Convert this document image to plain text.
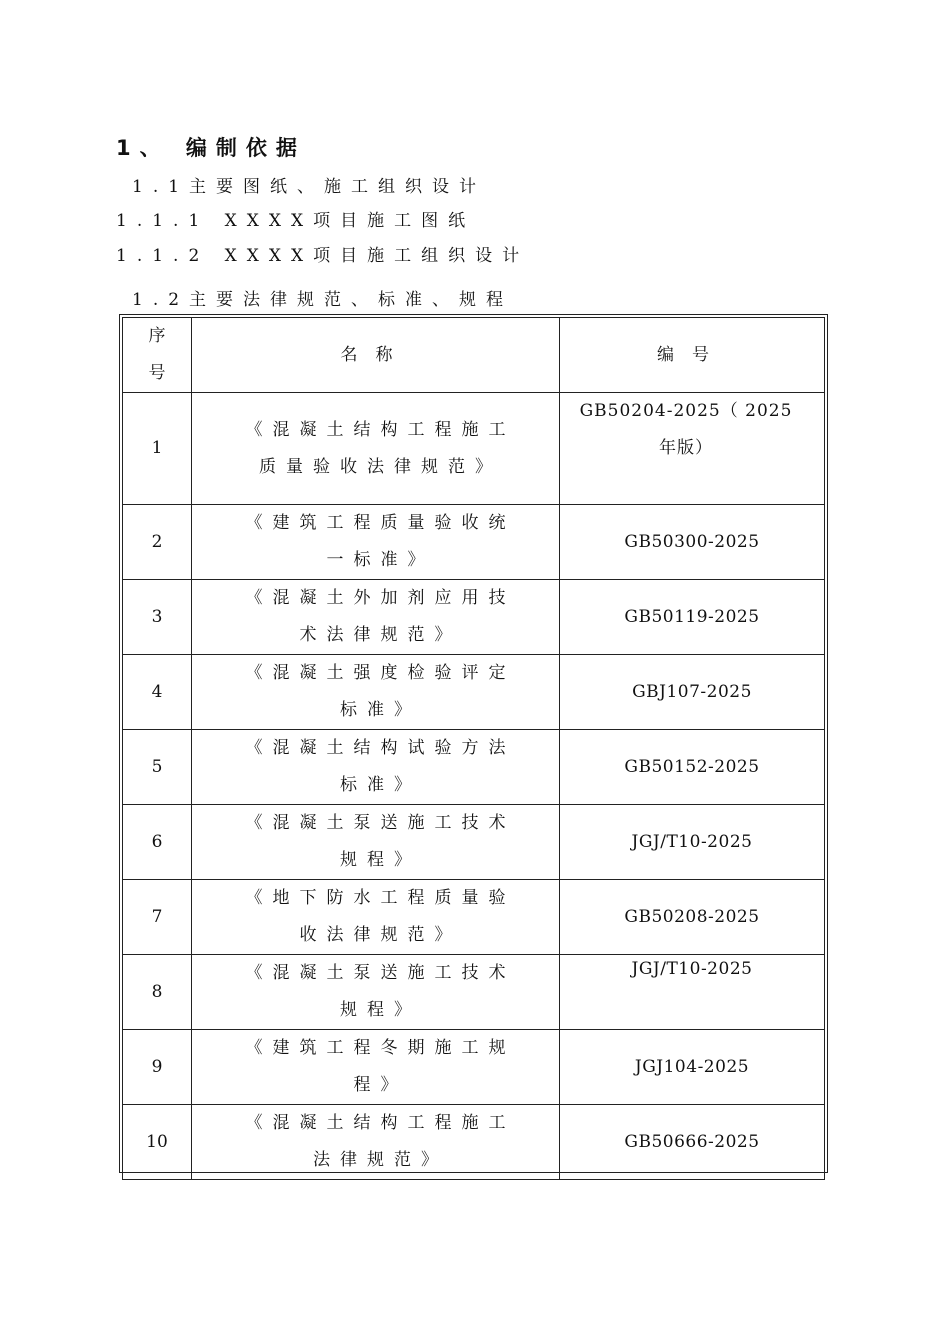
1、 编制依据
1.1主要图纸、施工组织设计
1.1.1 XXXX项目施工图纸
1.1.2 XXXX项目施工组织设计
1.2主要法律规范、标准、规程
序号	名称	编号
1	《混凝土结构工程施工质量验收法律规范》	GB50204-2025（ 2025 年版）
2	《建筑工程质量验收统一标准》	GB50300-2025
3	《混凝土外加剂应用技术法律规范》	GB50119-2025
4	《混凝土强度检验评定标准》	GBJ107-2025
5	《混凝土结构试验方法标准》	GB50152-2025
6	《混凝土泵送施工技术规程》	JGJ/T10-2025
7	《地下防水工程质量验收法律规范》	GB50208-2025
8	《混凝土泵送施工技术规程》	JGJ/T10-2025
9	《建筑工程冬期施工规程》	JGJ104-2025
10	《混凝土结构工程施工法律规范》	GB50666-2025
